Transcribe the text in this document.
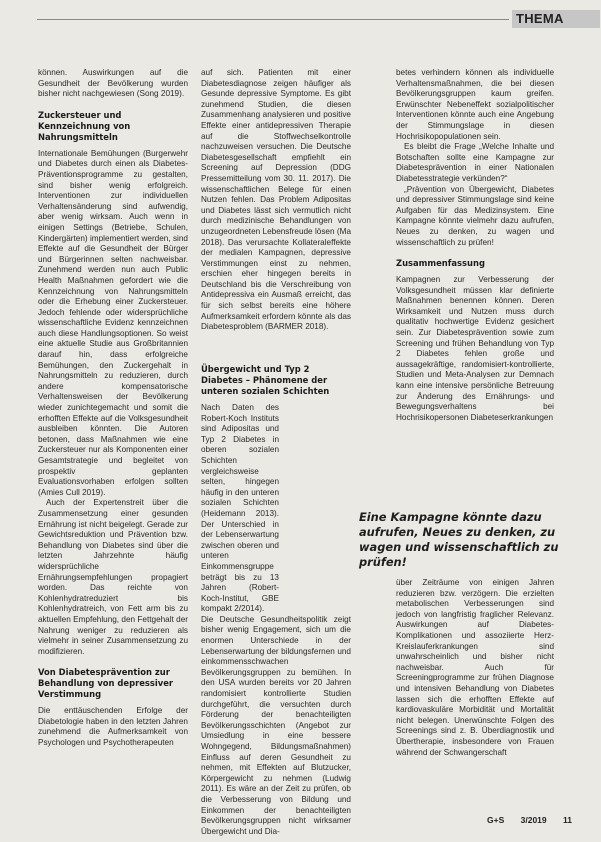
THEMA

können. Auswirkungen auf die Gesundheit der Bevölkerung wurden bisher nicht nachgewiesen (Song 2019).

Zuckersteuer und Kennzeichnung von Nahrungsmitteln

Internationale Bemühungen (Burgerwehr und Diabetes durch einen als Diabetes-Präventionsprogramme zu gestalten, sind bisher wenig erfolgreich. Interventionen zur individuellen Verhaltensänderung sind aufwendig, aber wenig wirksam. Auch wenn in einigen Settings (Betriebe, Schulen, Kindergärten) implementiert werden, sind Effekte auf die Gesundheit der Bürger und Bürgerinnen selten nachweisbar. Zunehmend werden nun auch Public Health Maßnahmen gefordert wie die Kennzeichnung von Nahrungsmitteln oder die Erhebung einer Zuckersteuer. Jedoch fehlende oder widersprüchliche wissenschaftliche Evidenz kennzeichnen auch diese Handlungsoptionen. So weist eine aktuelle Studie aus Großbritannien darauf hin, dass erfolgreiche Bemühungen, den Zuckergehalt in Nahrungsmitteln zu reduzieren, durch andere kompensatorische Verhaltensweisen der Bevölkerung wieder zunichtegemacht und somit die erhofften Effekte auf die Volksgesundheit ausbleiben könnten. Die Autoren betonen, dass Maßnahmen wie eine Zuckersteuer nur als Komponenten einer Gesamtstrategie und begleitet von prospektiv geplanten Evaluationsvorhaben erfolgen sollten (Amies Cull 2019).

Auch der Expertenstreit über die Zusammensetzung einer gesunden Ernährung ist nicht beigelegt. Gerade zur Gewichtsreduktion und Prävention bzw. Behandlung von Diabetes sind über die letzten Jahrzehnte häufig widersprüchliche Ernährungsempfehlungen propagiert worden. Das reichte von Kohlenhydratreduziert bis Kohlenhydratreich, von Fett arm bis zu aktuellen Empfehlung, den Fettgehalt der Nahrung weniger zu reduzieren als vielmehr in seiner Zusammensetzung zu modifizieren.

Von Diabetesprävention zur Behandlung von depressiver Verstimmung

Die enttäuschenden Erfolge der Diabetologie haben in den letzten Jahren zunehmend die Aufmerksamkeit von Psychologen und Psychotherapeuten

auf sich. Patienten mit einer Diabetesdiagnose zeigen häufiger als Gesunde depressive Symptome. Es gibt zunehmend Studien, die diesen Zusammenhang analysieren und positive Effekte einer antidepressiven Therapie auf die Stoffwechselkontrolle nachzuweisen versuchen. Die Deutsche Diabetesgesellschaft empfiehlt ein Screening auf Depression (DDG Pressemitteilung vom 30. 11. 2017). Die wissenschaftlichen Belege für einen Nutzen fehlen. Das Problem Adipositas und Diabetes lässt sich vermutlich nicht durch medizinische Behandlungen von unzugeordneten Lebensfreude lösen (Ma 2018). Das verursachte Kollateraleffekte der medialen Kampagnen, depressive Verstimmungen einst zu nehmen, erschien eher hingegen bereits in Deutschland bis die Verschreibung von Antidepressiva ein Ausmaß erreicht, das für sich selbst bereits eine höhere Aufmerksamkeit erfordern könnte als das Diabetesproblem (BARMER 2018).

Übergewicht und Typ 2 Diabetes – Phänomene der unteren sozialen Schichten

Nach Daten des Robert-Koch Instituts sind Adipositas und Typ 2 Diabetes in oberen sozialen Schichten vergleichsweise selten, hingegen häufig in den unteren sozialen Schichten (Heidemann 2013). Der Unterschied in der Lebenserwartung zwischen oberen und unteren Einkommensgruppe beträgt bis zu 13 Jahren (Robert-Koch-Institut, GBE kompakt 2/2014).

Die Deutsche Gesundheitspolitik zeigt bisher wenig Engagement, sich um die enormen Unterschiede in der Lebenserwartung der bildungsfernen und einkommensschwachen Bevölkerungsgruppen zu bemühen. In den USA wurden bereits vor 20 Jahren randomisiert kontrollierte Studien durchgeführt, die versuchten durch Förderung der benachteiligten Bevölkerungsschichten (Angebot zur Umsiedlung in eine bessere Wohngegend, Bildungsmaßnahmen) Einfluss auf deren Gesundheit zu nehmen, mit Effekten auf Blutzucker, Körpergewicht zu nehmen (Ludwig 2011). Es wäre an der Zeit zu prüfen, ob die Verbesserung von Bildung und Einkommen der benachteiligten Bevölkerungsgruppen nicht wirksamer Übergewicht und Dia-

betes verhindern können als individuelle Verhaltensmaßnahmen, die bei diesen Bevölkerungsgruppen kaum greifen. Erwünschter Nebeneffekt sozialpolitischer Interventionen könnte auch eine Angebung der Stimmungslage in diesen Hochrisikopopulationen sein.

Es bleibt die Frage „Welche Inhalte und Botschaften sollte eine Kampagne zur Diabetesprävention in einer Nationalen Diabetesstrategie verkünden?“

„Prävention von Übergewicht, Diabetes und depressiver Stimmungslage sind keine Aufgaben für das Medizinsystem. Eine Kampagne könnte vielmehr dazu aufrufen, Neues zu denken, zu wagen und wissenschaftlich zu prüfen!

Zusammenfassung

Kampagnen zur Verbesserung der Volksgesundheit müssen klar definierte Maßnahmen benennen können. Deren Wirksamkeit und Nutzen muss durch qualitativ hochwertige Evidenz gesichert sein. Zur Diabetesprävention sowie zum Screening und frühen Behandlung von Typ 2 Diabetes fehlen große und aussagekräftige, randomisiert-kontrollierte, Studien und Meta-Analysen zur Demnach kann eine intensive persönliche Betreuung zur Änderung des Ernährungs- und Bewegungsverhaltens bei Hochrisikopersonen Diabeteserkrankungen

Eine Kampagne könnte dazu aufrufen, Neues zu denken, zu wagen und wissenschaftlich zu prüfen!

über Zeiträume von einigen Jahren reduzieren bzw. verzögern. Die erzielten metabolischen Verbesserungen sind jedoch von langfristig fraglicher Relevanz. Auswirkungen auf Diabetes-Komplikationen und assoziierte Herz-Kreislauferkrankungen sind unwahrscheinlich und bisher nicht nachweisbar. Auch für Screeningprogramme zur frühen Diagnose und intensiven Behandlung von Diabetes lassen sich die erhofften Effekte auf kardiovaskuläre Morbidität und Mortalität nicht belegen. Unerwünschte Folgen des Screenings sind z. B. Überdiagnostik und Übertherapie, insbesondere von Frauen während der Schwangerschaft

G+S 3/2019 11
